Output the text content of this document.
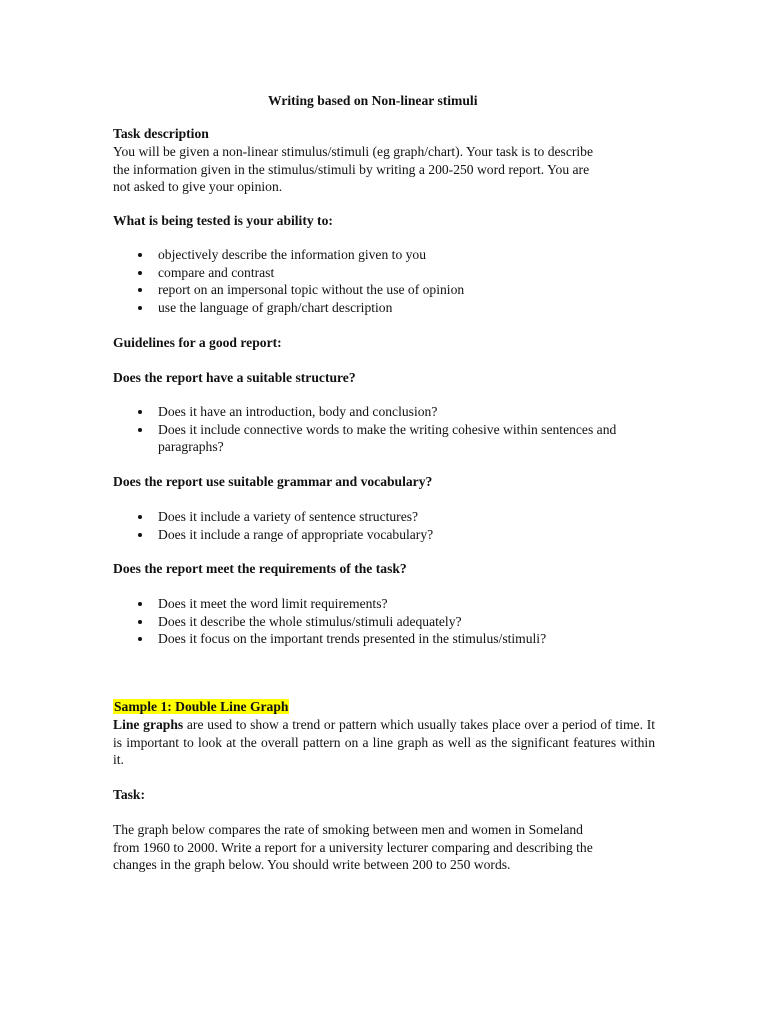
Writing based on Non-linear stimuli
Task description
You will be given a non-linear stimulus/stimuli (eg graph/chart). Your task is to describe
the information given in the stimulus/stimuli by writing a 200-250 word report. You are
not asked to give your opinion.
What is being tested is your ability to:
objectively describe the information given to you
compare and contrast
report on an impersonal topic without the use of opinion
use the language of graph/chart description
Guidelines for a good report:
Does the report have a suitable structure?
Does it have an introduction, body and conclusion?
Does it include connective words to make the writing cohesive within sentences and paragraphs?
Does the report use suitable grammar and vocabulary?
Does it include a variety of sentence structures?
Does it include a range of appropriate vocabulary?
Does the report meet the requirements of the task?
Does it meet the word limit requirements?
Does it describe the whole stimulus/stimuli adequately?
Does it focus on the important trends presented in the stimulus/stimuli?
Sample 1: Double Line Graph
Line graphs are used to show a trend or pattern which usually takes place over a period of time. It is important to look at the overall pattern on a line graph as well as the significant features within it.
Task:
The graph below compares the rate of smoking between men and women in Someland
from 1960 to 2000. Write a report for a university lecturer comparing and describing the
changes in the graph below. You should write between 200 to 250 words.
